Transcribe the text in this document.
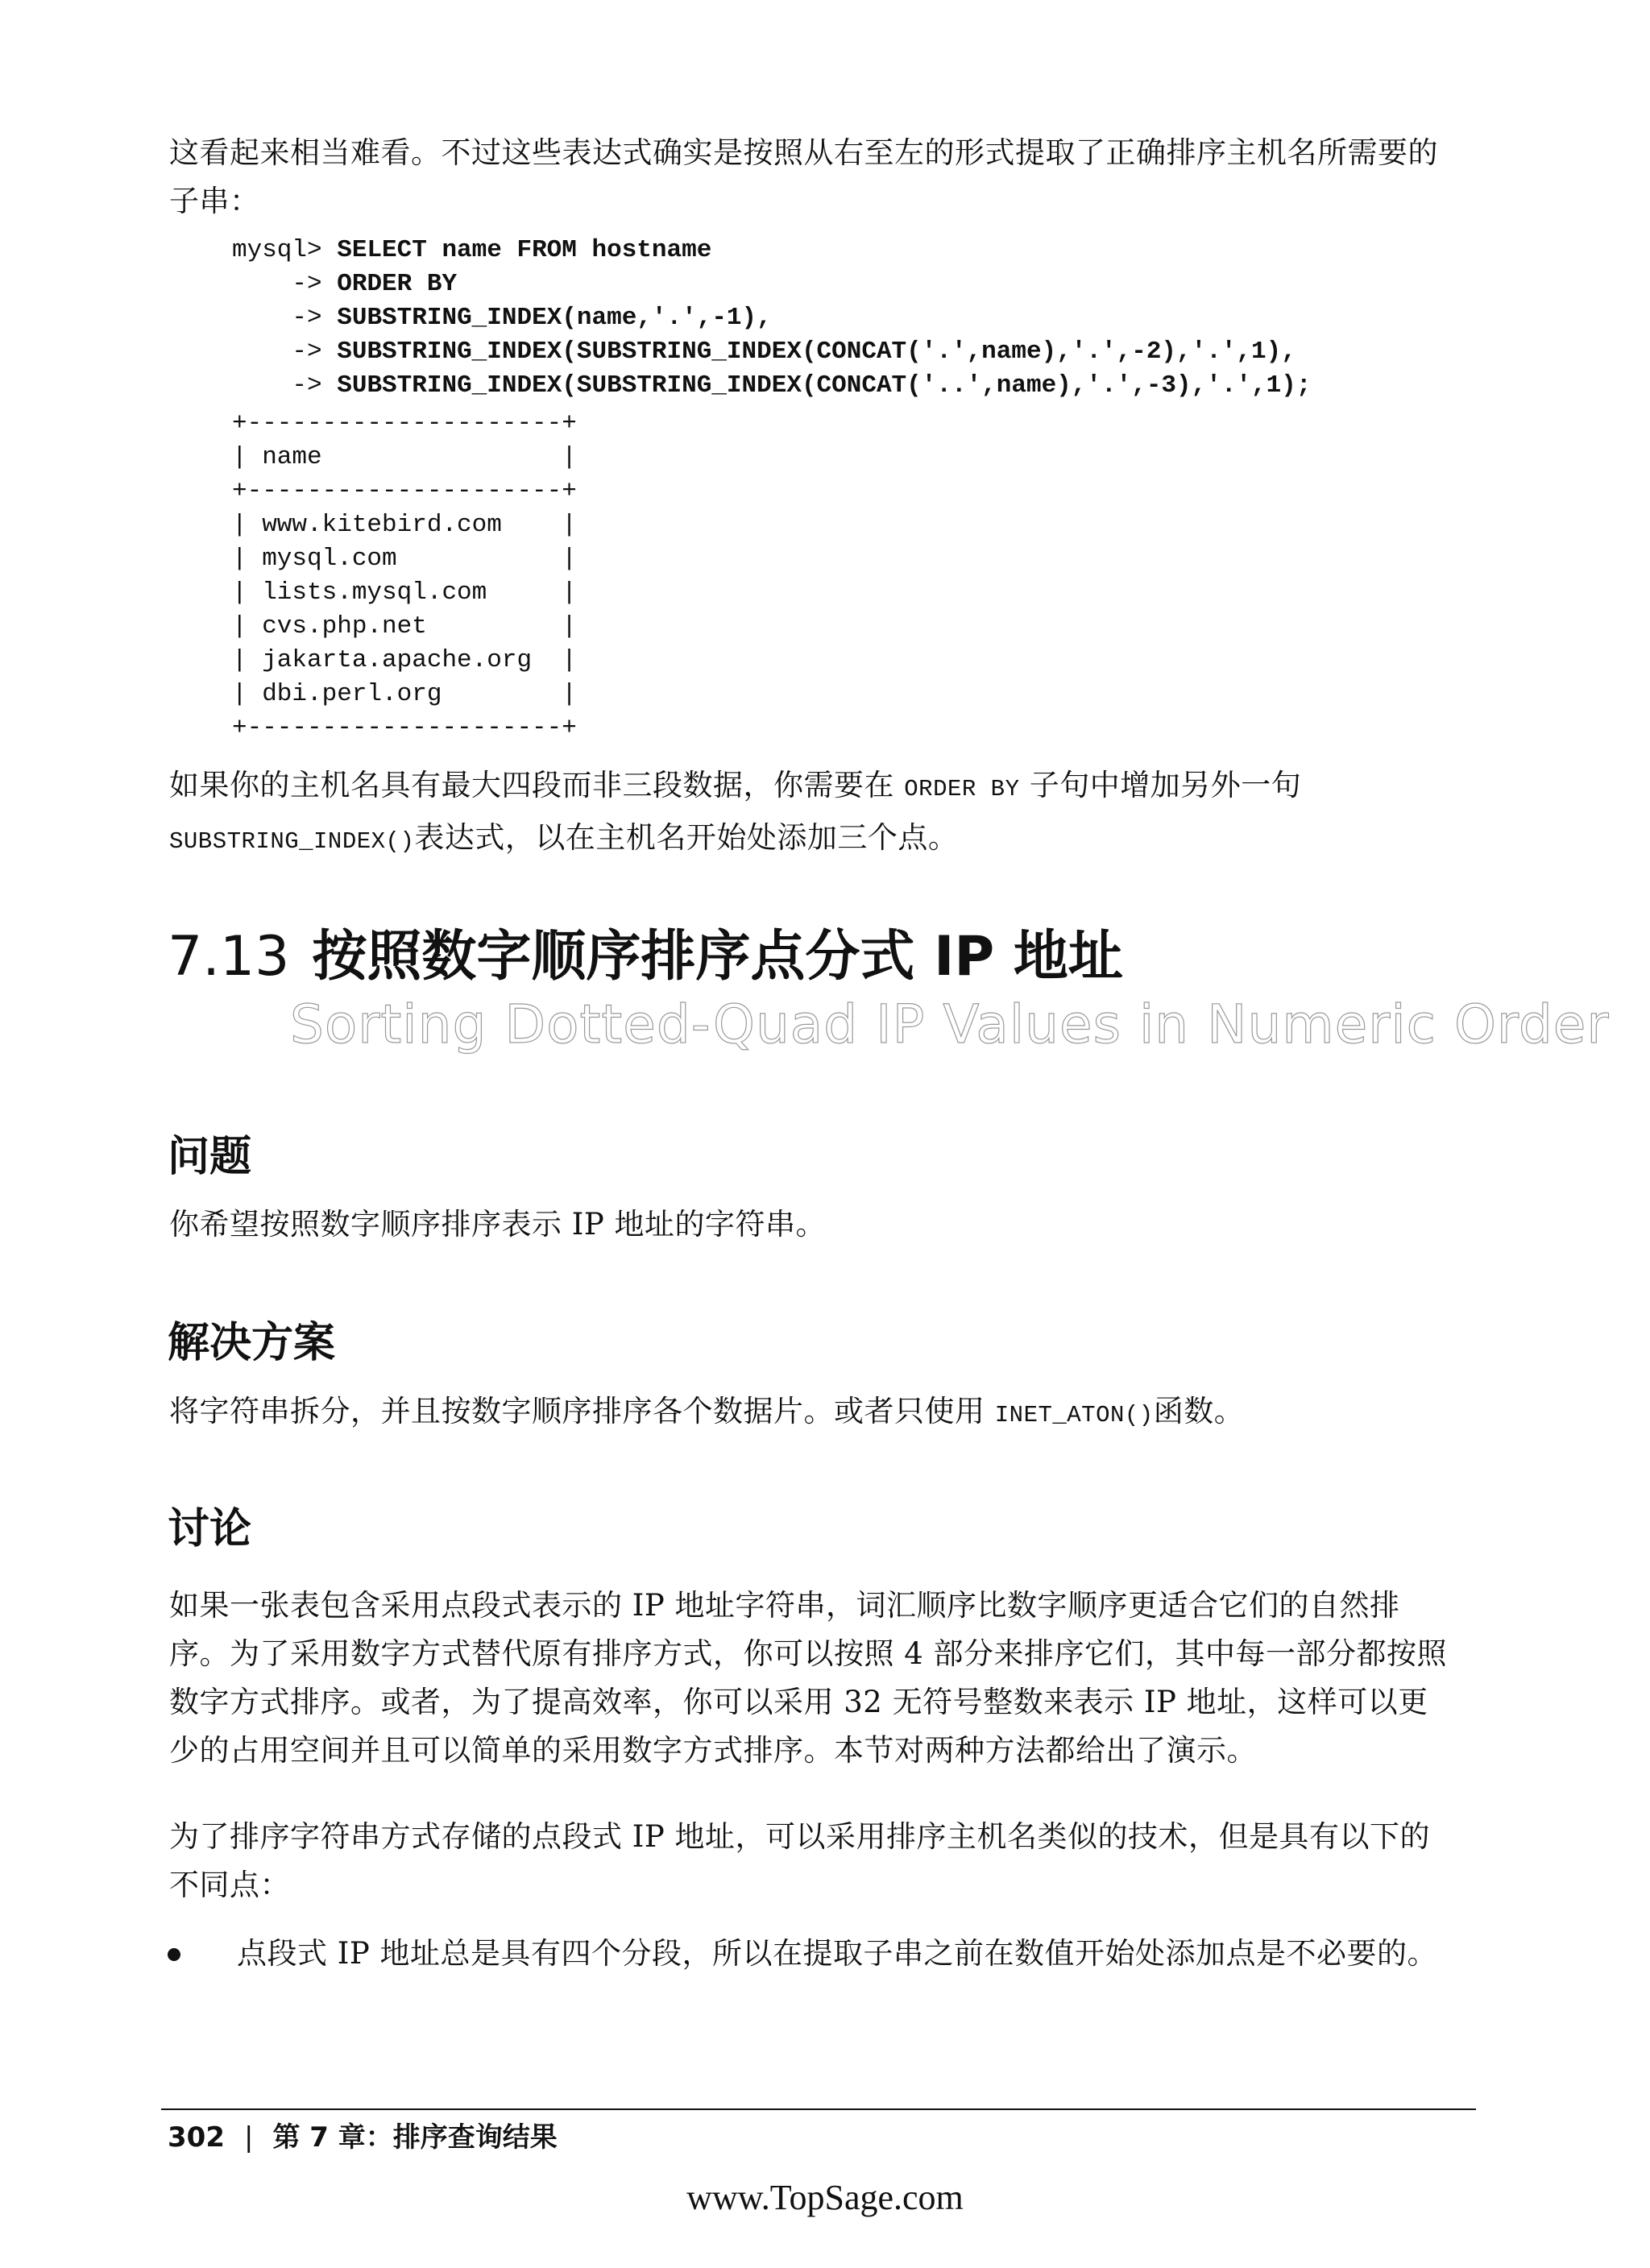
这看起来相当难看。不过这些表达式确实是按照从右至左的形式提取了正确排序主机名所需要的子串：
mysql> SELECT name FROM hostname
-> ORDER BY
-> SUBSTRING_INDEX(name,'.',-1),
-> SUBSTRING_INDEX(SUBSTRING_INDEX(CONCAT('.',name),'.',-2),'.',1),
-> SUBSTRING_INDEX(SUBSTRING_INDEX(CONCAT('..',name),'.',-3),'.',1);
+---------------------+
| name                |
+---------------------+
| www.kitebird.com    |
| mysql.com           |
| lists.mysql.com     |
| cvs.php.net         |
| jakarta.apache.org  |
| dbi.perl.org        |
+---------------------+
如果你的主机名具有最大四段而非三段数据，你需要在 ORDER BY 子句中增加另外一句
SUBSTRING_INDEX()表达式，以在主机名开始处添加三个点。
7.13 按照数字顺序排序点分式 IP 地址
Sorting Dotted-Quad IP Values in Numeric Order
问题
你希望按照数字顺序排序表示 IP 地址的字符串。
解决方案
将字符串拆分，并且按数字顺序排序各个数据片。或者只使用 INET_ATON()函数。
讨论
如果一张表包含采用点段式表示的 IP 地址字符串，词汇顺序比数字顺序更适合它们的自然排序。为了采用数字方式替代原有排序方式，你可以按照 4 部分来排序它们，其中每一部分都按照数字方式排序。或者，为了提高效率，你可以采用 32 无符号整数来表示 IP 地址，这样可以更少的占用空间并且可以简单的采用数字方式排序。本节对两种方法都给出了演示。
为了排序字符串方式存储的点段式 IP 地址，可以采用排序主机名类似的技术，但是具有以下的不同点：
点段式 IP 地址总是具有四个分段，所以在提取子串之前在数值开始处添加点是不必要的。
302 | 第 7 章：排序查询结果
www.TopSage.com
